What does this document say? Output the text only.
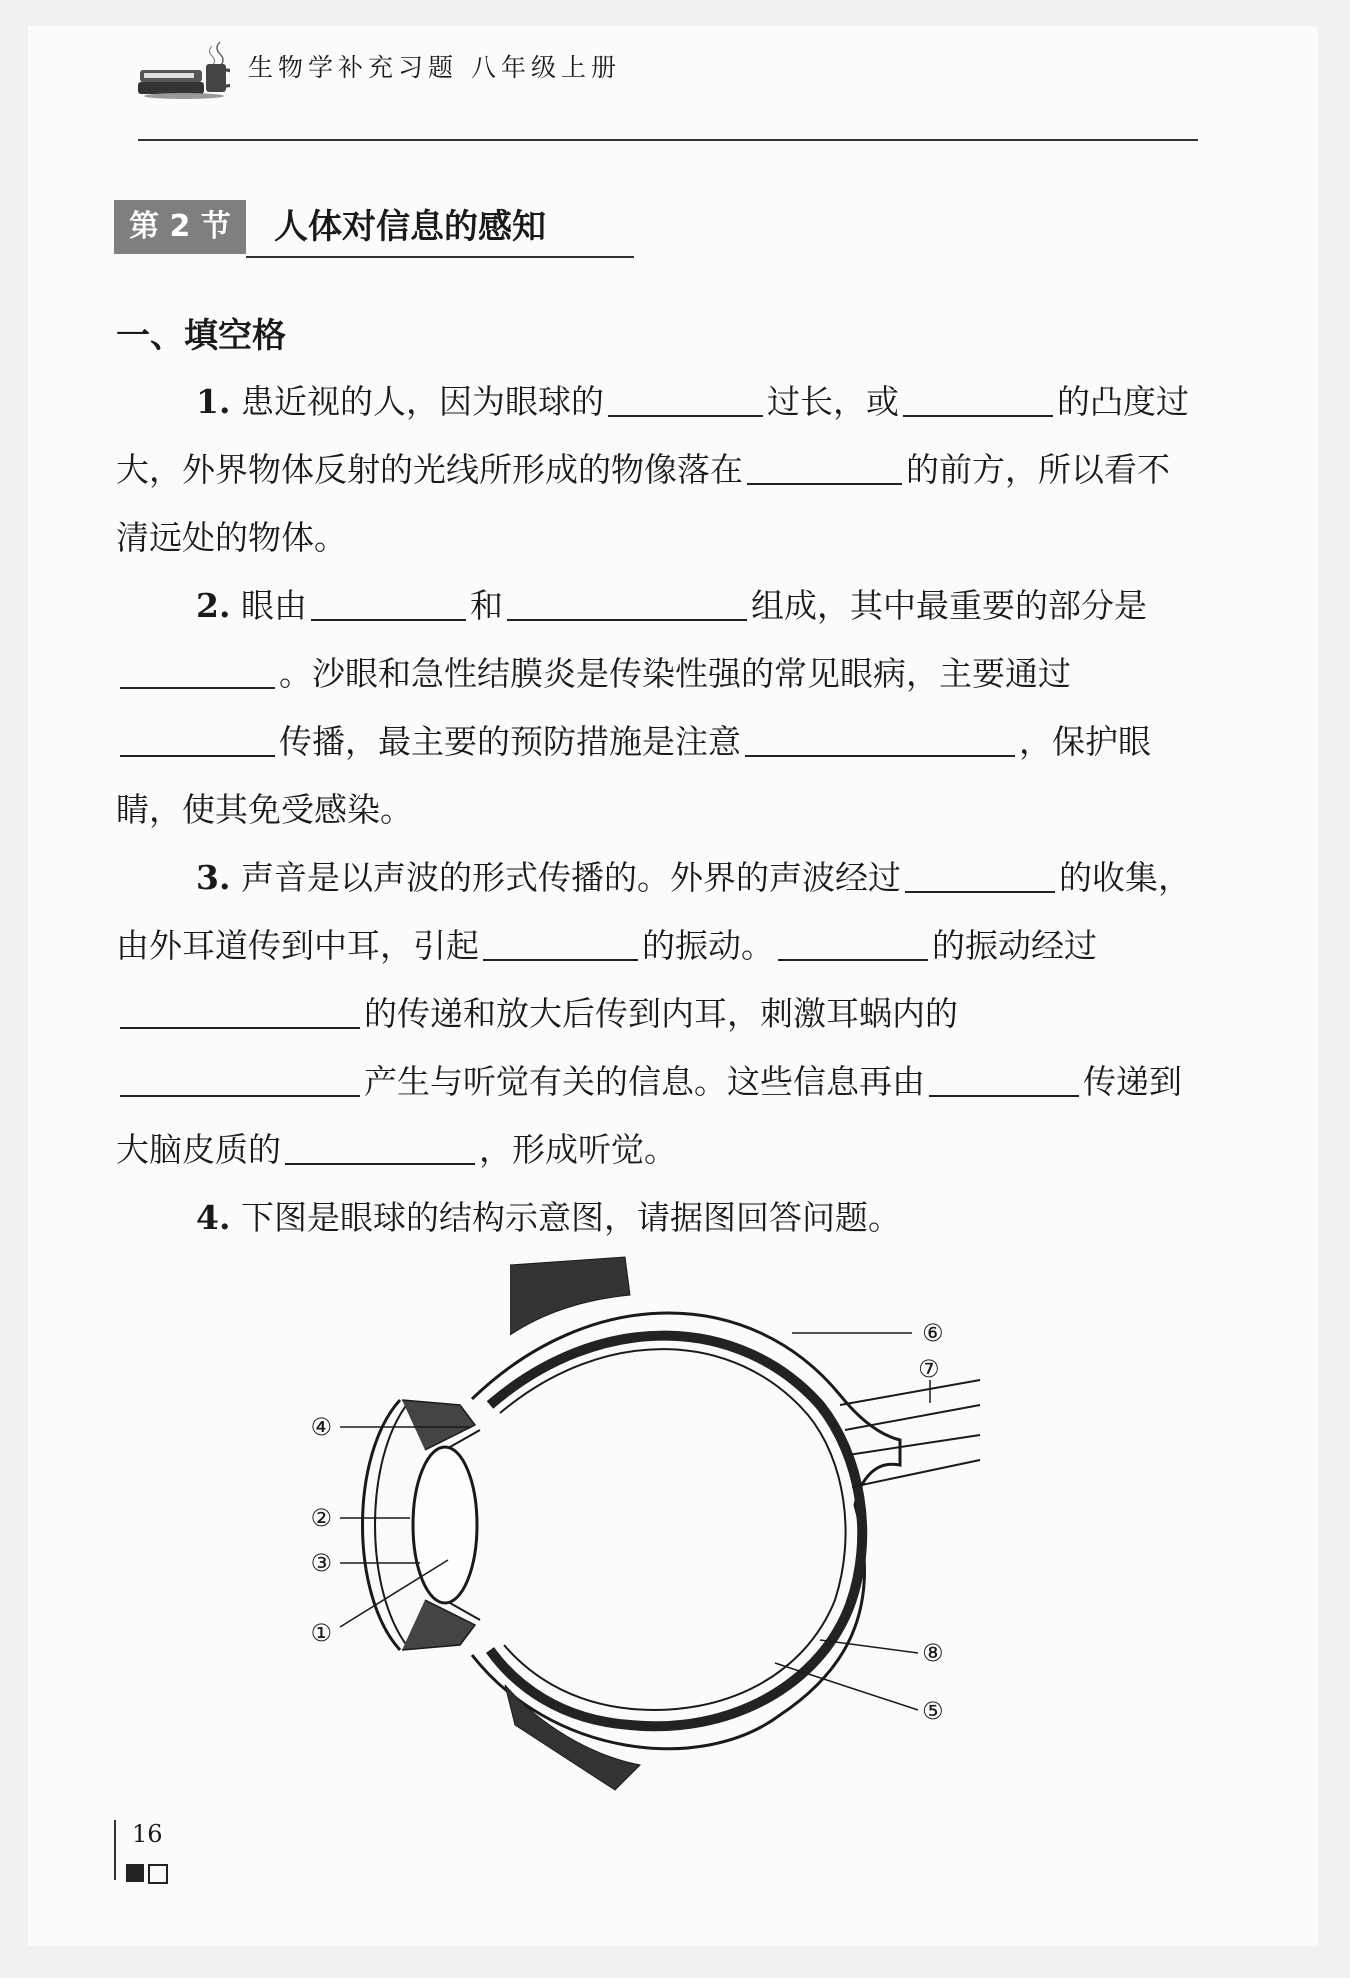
生物学补充习题 八年级上册
第 2 节	人体对信息的感知
一、填空格

1. 患近视的人，因为眼球的	过长，或	的凸度过大，外界物体反射的光线所形成的物像落在	的前方，所以看不清远处的物体。

2. 眼由	和	组成，其中最重要的部分是。沙眼和急性结膜炎是传染性强的常见眼病，主要通过传播，最主要的预防措施是注意	，保护眼睛，使其免受感染。

3. 声音是以声波的形式传播的。外界的声波经过	的收集，由外耳道传到中耳，引起	的振动。	的振动经过的传递和放大后传到内耳，刺激耳蜗内的产生与听觉有关的信息。这些信息再由	传递到大脑皮质的	，形成听觉。

4. 下图是眼球的结构示意图，请据图回答问题。

④
②
③
①
⑥
⑦
⑧
⑤
16
